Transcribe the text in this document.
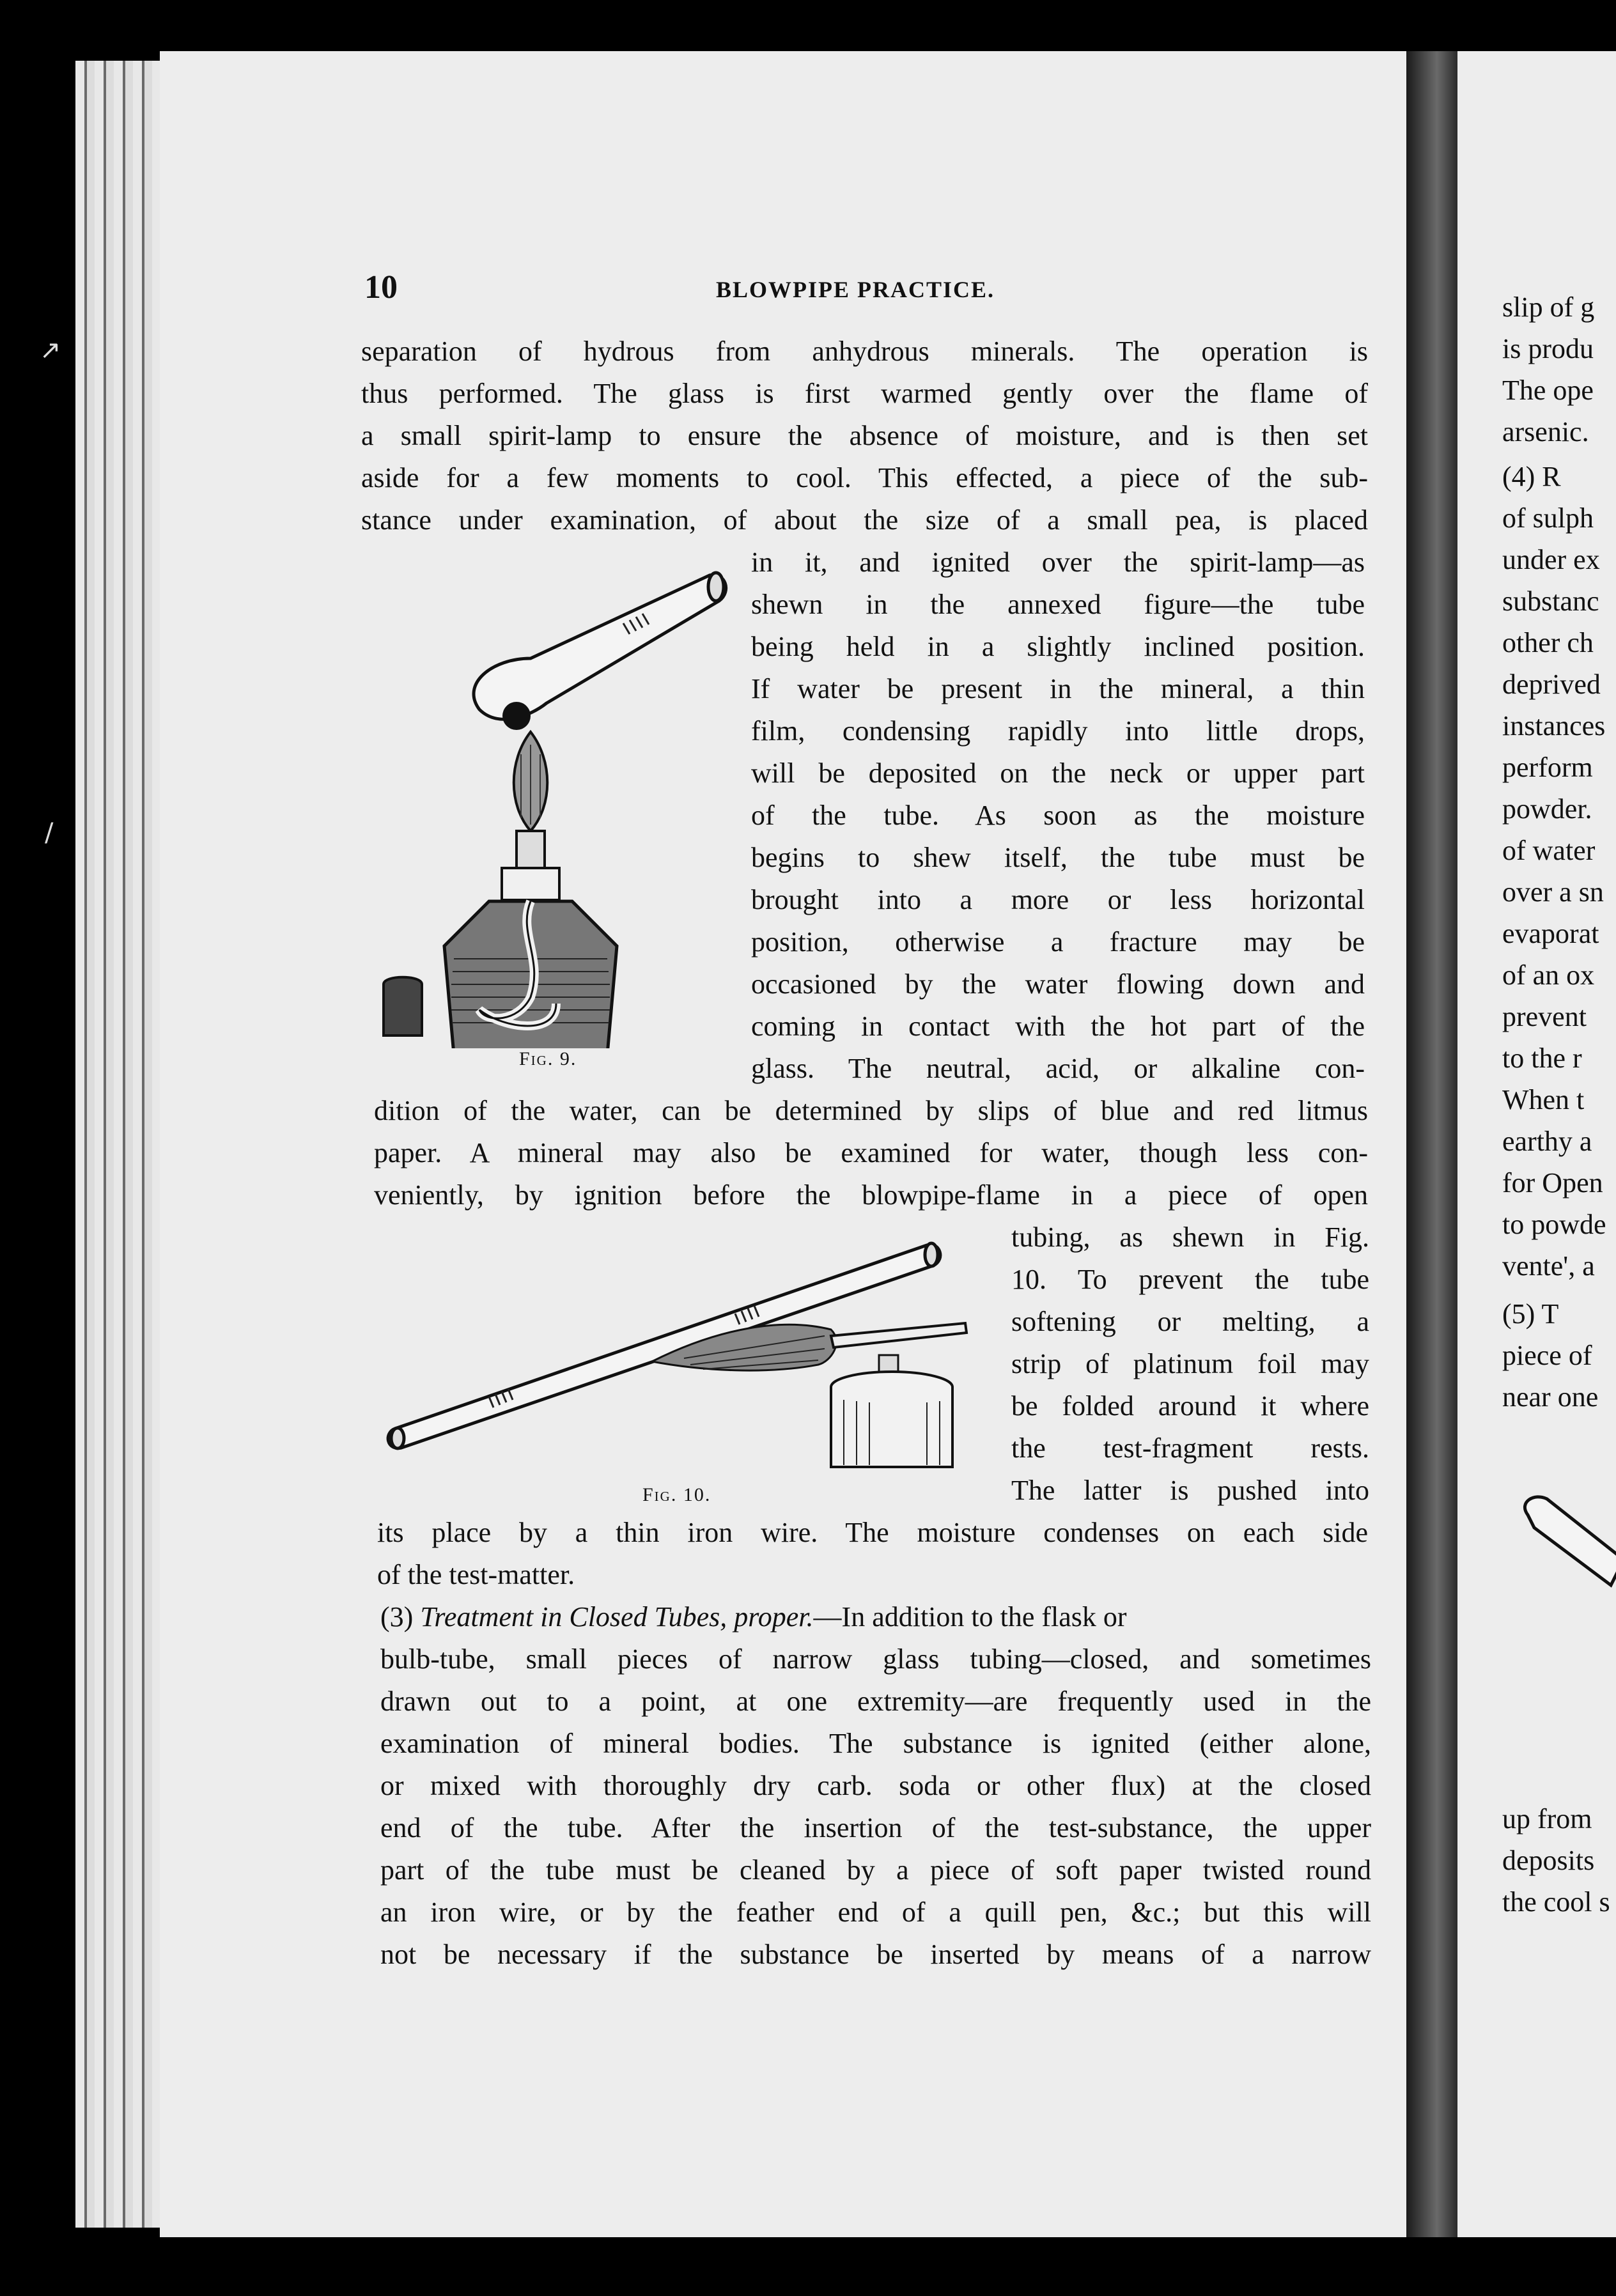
slip of g
is produ
The ope
arsenic.
(4) R
of sulph
under ex
substanc
other ch
deprived
instances
perform
powder.
of water
over a sn
evaporat
of an ox
prevent
to the r
When t
earthy a
for Open
to powde
vente', a
(5) T
piece of
near one
up from
deposits
the cool s
↗
/
10	BLOWPIPE PRACTICE.
separation of hydrous from anhydrous minerals. The operation is
thus performed. The glass is first warmed gently over the flame of
a small spirit-lamp to ensure the absence of moisture, and is then set
aside for a few moments to cool. This effected, a piece of the sub-
stance under examination, of about the size of a small pea, is placed
in it, and ignited over the spirit-lamp—as
shewn in the annexed figure—the tube
being held in a slightly inclined position.
If water be present in the mineral, a thin
film, condensing rapidly into little drops,
will be deposited on the neck or upper part
of the tube. As soon as the moisture
begins to shew itself, the tube must be
brought into a more or less horizontal
position, otherwise a fracture may be
occasioned by the water flowing down and
coming in contact with the hot part of the
glass. The neutral, acid, or alkaline con-
dition of the water, can be determined by slips of blue and red litmus
paper. A mineral may also be examined for water, though less con-
veniently, by ignition before the blowpipe-flame in a piece of open
tubing, as shewn in Fig.
10. To prevent the tube
softening or melting, a
strip of platinum foil may
be folded around it where
the test-fragment rests.
The latter is pushed into
its place by a thin iron wire. The moisture condenses on each side
of the test-matter.
(3) Treatment in Closed Tubes, proper.—In addition to the flask or
bulb-tube, small pieces of narrow glass tubing—closed, and sometimes
drawn out to a point, at one extremity—are frequently used in the
examination of mineral bodies. The substance is ignited (either alone,
or mixed with thoroughly dry carb. soda or other flux) at the closed
end of the tube. After the insertion of the test-substance, the upper
part of the tube must be cleaned by a piece of soft paper twisted round
an iron wire, or by the feather end of a quill pen, &c.; but this will
not be necessary if the substance be inserted by means of a narrow
Fig. 9.
Fig. 10.
